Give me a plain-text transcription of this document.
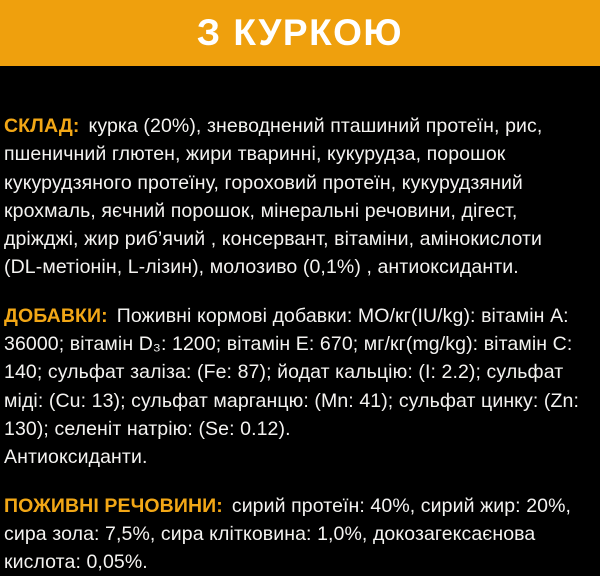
З КУРКОЮ
СКЛАД: курка (20%), зневоднений пташиний протеїн, рис,
пшеничний глютен, жири тваринні, кукурудза, порошок
кукурудзяного протеїну, гороховий протеїн, кукурудзяний
крохмаль, яєчний порошок, мінеральні речовини, дігест,
дріжджі, жир риб’ячий , консервант, вітаміни, амінокислоти
(DL-метіонін, L-лізин), молозиво (0,1%) , антиоксиданти.
ДОБАВКИ: Поживні кормові добавки: МО/кг(IU/kg): вітамін А:
36000; вітамін D₃: 1200; вітамін Е: 670; мг/кг(mg/kg): вітамін С:
140; сульфат заліза: (Fe: 87); йодат кальцію: (I: 2.2); сульфат
міді: (Cu: 13); сульфат марганцю: (Mn: 41); сульфат цинку: (Zn:
130); селеніт натрію: (Se: 0.12).
Антиоксиданти.
ПОЖИВНІ РЕЧОВИНИ: сирий протеїн: 40%, сирий жир: 20%,
сира зола: 7,5%, сира клітковина: 1,0%, докозагексаєнова
кислота: 0,05%.
